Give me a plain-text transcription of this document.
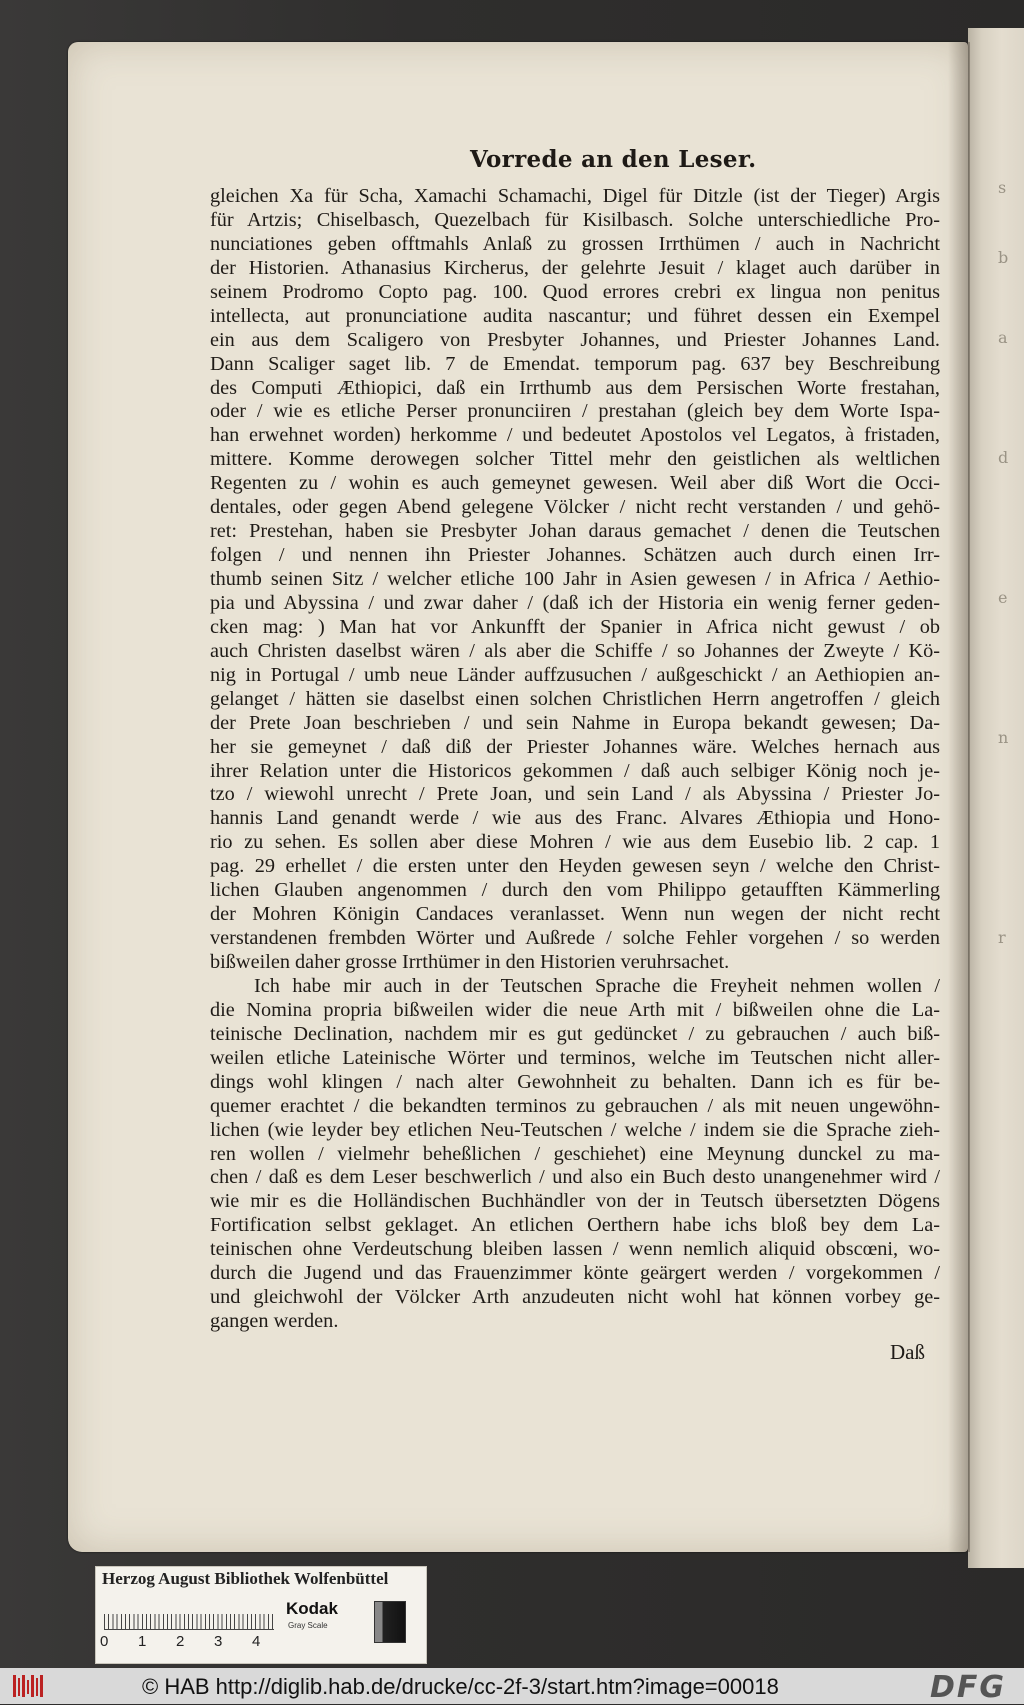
s
b
a
d
e
n
r
Vorrede an den Leser.
gleichen Xa für Scha, Xamachi Schamachi, Digel für Ditzle (ist der Tieger) Argis
für Artzis; Chiselbasch, Quezelbach für Kisilbasch. Solche unterschiedliche Pro-
nunciationes geben offtmahls Anlaß zu grossen Irrthümen / auch in Nachricht
der Historien. Athanasius Kircherus, der gelehrte Jesuit / klaget auch darüber in
seinem Prodromo Copto pag. 100. Quod errores crebri ex lingua non penitus
intellecta, aut pronunciatione audita nascantur; und führet dessen ein Exempel
ein aus dem Scaligero von Presbyter Johannes, und Priester Johannes Land.
Dann Scaliger saget lib. 7 de Emendat. temporum pag. 637 bey Beschreibung
des Computi Æthiopici, daß ein Irrthumb aus dem Persischen Worte frestahan,
oder / wie es etliche Perser pronunciiren / prestahan (gleich bey dem Worte Ispa-
han erwehnet worden) herkomme / und bedeutet Apostolos vel Legatos, à fristaden,
mittere. Komme derowegen solcher Tittel mehr den geistlichen als weltlichen
Regenten zu / wohin es auch gemeynet gewesen. Weil aber diß Wort die Occi-
dentales, oder gegen Abend gelegene Völcker / nicht recht verstanden / und gehö-
ret: Prestehan, haben sie Presbyter Johan daraus gemachet / denen die Teutschen
folgen / und nennen ihn Priester Johannes. Schätzen auch durch einen Irr-
thumb seinen Sitz / welcher etliche 100 Jahr in Asien gewesen / in Africa / Aethio-
pia und Abyssina / und zwar daher / (daß ich der Historia ein wenig ferner geden-
cken mag: ) Man hat vor Ankunfft der Spanier in Africa nicht gewust / ob
auch Christen daselbst wären / als aber die Schiffe / so Johannes der Zweyte / Kö-
nig in Portugal / umb neue Länder auffzusuchen / außgeschickt / an Aethiopien an-
gelanget / hätten sie daselbst einen solchen Christlichen Herrn angetroffen / gleich
der Prete Joan beschrieben / und sein Nahme in Europa bekandt gewesen; Da-
her sie gemeynet / daß diß der Priester Johannes wäre. Welches hernach aus
ihrer Relation unter die Historicos gekommen / daß auch selbiger König noch je-
tzo / wiewohl unrecht / Prete Joan, und sein Land / als Abyssina / Priester Jo-
hannis Land genandt werde / wie aus des Franc. Alvares Æthiopia und Hono-
rio zu sehen. Es sollen aber diese Mohren / wie aus dem Eusebio lib. 2 cap. 1
pag. 29 erhellet / die ersten unter den Heyden gewesen seyn / welche den Christ-
lichen Glauben angenommen / durch den vom Philippo getaufften Kämmerling
der Mohren Königin Candaces veranlasset. Wenn nun wegen der nicht recht
verstandenen frembden Wörter und Außrede / solche Fehler vorgehen / so werden
bißweilen daher grosse Irrthümer in den Historien veruhrsachet.
Ich habe mir auch in der Teutschen Sprache die Freyheit nehmen wollen /
die Nomina propria bißweilen wider die neue Arth mit / bißweilen ohne die La-
teinische Declination, nachdem mir es gut gedüncket / zu gebrauchen / auch biß-
weilen etliche Lateinische Wörter und terminos, welche im Teutschen nicht aller-
dings wohl klingen / nach alter Gewohnheit zu behalten. Dann ich es für be-
quemer erachtet / die bekandten terminos zu gebrauchen / als mit neuen ungewöhn-
lichen (wie leyder bey etlichen Neu-Teutschen / welche / indem sie die Sprache zieh-
ren wollen / vielmehr beheßlichen / geschiehet) eine Meynung dunckel zu ma-
chen / daß es dem Leser beschwerlich / und also ein Buch desto unangenehmer wird /
wie mir es die Holländischen Buchhändler von der in Teutsch übersetzten Dögens
Fortification selbst geklaget. An etlichen Oerthern habe ichs bloß bey dem La-
teinischen ohne Verdeutschung bleiben lassen / wenn nemlich aliquid obscœni, wo-
durch die Jugend und das Frauenzimmer könte geärgert werden / vorgekommen /
und gleichwohl der Völcker Arth anzudeuten nicht wohl hat können vorbey ge-
gangen werden.
Daß
Herzog August Bibliothek Wolfenbüttel
0 1 2 3 4
Kodak
Gray Scale
© HAB http://diglib.hab.de/drucke/cc-2f-3/start.htm?image=00018	DFG
